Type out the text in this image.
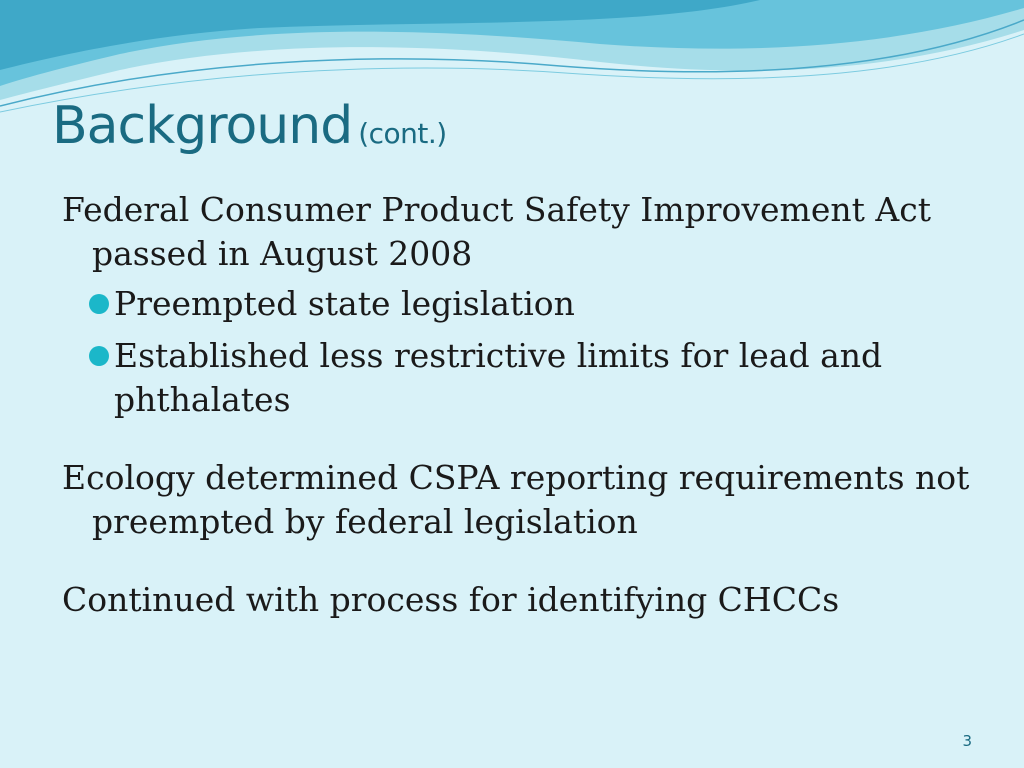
Background (cont.)

Federal Consumer Product Safety Improvement Act passed in August 2008

Preempted state legislation
Established less restrictive limits for lead and phthalates

Ecology determined CSPA reporting requirements not preempted by federal legislation

Continued with process for identifying CHCCs

3
